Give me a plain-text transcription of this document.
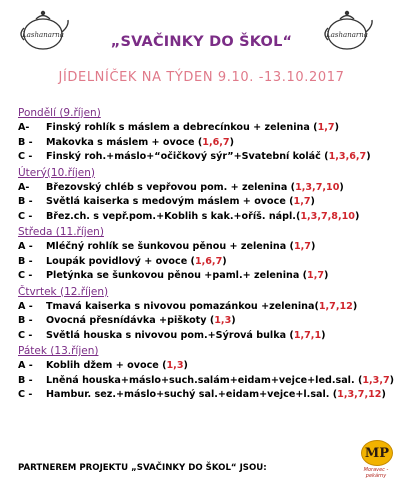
Lashanarna	Lashanarna
„SVAČINKY DO ŠKOL“
JÍDELNÍČEK NA TÝDEN 9.10. -13.10.2017
Pondělí (9.říjen)
A- Finský rohlík s máslem a debrecínkou + zelenina (1,7)
B - Makovka s máslem + ovoce (1,6,7)
C - Finský roh.+máslo+“očičkový sýr”+Svatební koláč (1,3,6,7)
Úterý(10.říjen)
A- Březovský chléb s vepřovou pom. + zelenina (1,3,7,10)
B - Světlá kaiserka s medovým máslem + ovoce (1,7)
C - Břez.ch. s vepř.pom.+Koblih s kak.+oříš. nápl.(1,3,7,8,10)
Středa (11.říjen)
A - Mléčný rohlík se šunkovou pěnou + zelenina (1,7)
B - Loupák povidlový + ovoce (1,6,7)
C - Pletýnka se šunkovou pěnou +paml.+ zelenina (1,7)
Čtvrtek (12.říjen)
A - Tmavá kaiserka s nivovou pomazánkou +zelenina(1,7,12)
B - Ovocná přesnídávka +piškoty (1,3)
C - Světlá houska s nivovou pom.+Sýrová bulka (1,7,1)
Pátek (13.říjen)
A - Koblih džem + ovoce (1,3)
B - Lněná houska+máslo+such.salám+eidam+vejce+led.sal. (1,3,7)
C - Hambur. sez.+máslo+suchý sal.+eidam+vejce+l.sal. (1,3,7,12)
PARTNEREM PROJEKTU „SVAČINKY DO ŠKOL“ JSOU:
MP
Moravec - pekárny
